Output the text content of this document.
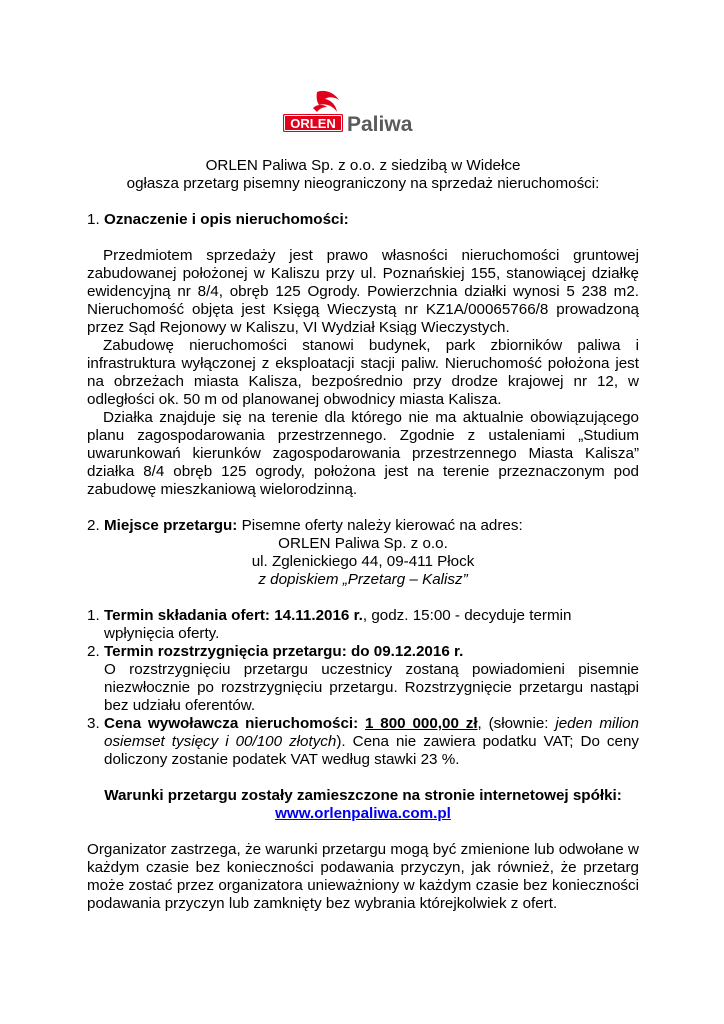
ORLEN Paliwa

ORLEN Paliwa Sp. z o.o. z siedzibą w Widełce

ogłasza przetarg pisemny nieograniczony na sprzedaż nieruchomości:

1. Oznaczenie i opis nieruchomości:

Przedmiotem sprzedaży jest prawo własności nieruchomości gruntowej zabudowanej położonej w Kaliszu przy ul. Poznańskiej 155, stanowiącej działkę ewidencyjną nr 8/4, obręb 125 Ogrody. Powierzchnia działki wynosi 5 238 m2. Nieruchomość objęta jest Księgą Wieczystą nr KZ1A/00065766/8 prowadzoną przez Sąd Rejonowy w Kaliszu, VI Wydział Ksiąg Wieczystych.

Zabudowę nieruchomości stanowi budynek, park zbiorników paliwa i infrastruktura wyłączonej z eksploatacji stacji paliw. Nieruchomość położona jest na obrzeżach miasta Kalisza, bezpośrednio przy drodze krajowej nr 12, w odległości ok. 50 m od planowanej obwodnicy miasta Kalisza.

Działka znajduje się na terenie dla którego nie ma aktualnie obowiązującego planu zagospodarowania przestrzennego. Zgodnie z ustaleniami „Studium uwarunkowań kierunków zagospodarowania przestrzennego Miasta Kalisza” działka 8/4 obręb 125 ogrody, położona jest na terenie przeznaczonym pod zabudowę mieszkaniową wielorodzinną.

2. Miejsce przetargu: Pisemne oferty należy kierować na adres:

ORLEN Paliwa Sp. z o.o.

ul. Zglenickiego 44, 09-411 Płock

z dopiskiem „Przetarg – Kalisz”

1. Termin składania ofert: 14.11.2016 r., godz. 15:00 - decyduje termin wpłynięcia oferty.
2. Termin rozstrzygnięcia przetargu: do 09.12.2016 r.
O rozstrzygnięciu przetargu uczestnicy zostaną powiadomieni pisemnie niezwłocznie po rozstrzygnięciu przetargu. Rozstrzygnięcie przetargu nastąpi bez udziału oferentów.
3. Cena wywoławcza nieruchomości: 1 800 000,00 zł, (słownie: jeden milion osiemset tysięcy i 00/100 złotych). Cena nie zawiera podatku VAT; Do ceny doliczony zostanie podatek VAT według stawki 23 %.

Warunki przetargu zostały zamieszczone na stronie internetowej spółki:

www.orlenpaliwa.com.pl

Organizator zastrzega, że warunki przetargu mogą być zmienione lub odwołane w każdym czasie bez konieczności podawania przyczyn, jak również, że przetarg może zostać przez organizatora unieważniony w każdym czasie bez konieczności podawania przyczyn lub zamknięty bez wybrania którejkolwiek z ofert.
